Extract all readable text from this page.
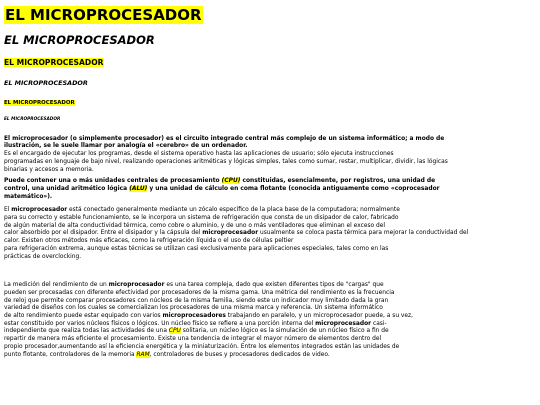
EL MICROPROCESADOR
EL MICROPROCESADOR
EL MICROPROCESADOR
EL MICROPROCESADOR
EL MICROPROCESADOR
EL MICROPROCESADOR

El microprocesador (o simplemente procesador) es el circuito integrado central más complejo de un sistema informático; a modo de
ilustración, se le suele llamar por analogía el «cerebro» de un ordenador.
Es el encargado de ejecutar los programas, desde el sistema operativo hasta las aplicaciones de usuario; sólo ejecuta instrucciones
programadas en lenguaje de bajo nivel, realizando operaciones aritméticas y lógicas simples, tales como sumar, restar, multiplicar, dividir, las lógicas
binarias y accesos a memoria.

Puede contener una o más unidades centrales de procesamiento (CPU) constituidas, esencialmente, por registros, una unidad de
control, una unidad aritmético lógica (ALU) y una unidad de cálculo en coma flotante (conocida antiguamente como «coprocesador
matemático»).

El microprocesador está conectado generalmente mediante un zócalo específico de la placa base de la computadora; normalmente
para su correcto y estable funcionamiento, se le incorpora un sistema de refrigeración que consta de un disipador de calor, fabricado
de algún material de alta conductividad térmica, como cobre o aluminio, y de uno o más ventiladores que eliminan el exceso del
calor absorbido por el disipador. Entre el disipador y la cápsula del microprocesador usualmente se coloca pasta térmica para mejorar la conductividad del
calor. Existen otros métodos más eficaces, como la refrigeración líquida o el uso de células peltier
para refrigeración extrema, aunque estas técnicas se utilizan casi exclusivamente para aplicaciones especiales, tales como en las
prácticas de overclocking.

La medición del rendimiento de un microprocesador es una tarea compleja, dado que existen diferentes tipos de "cargas" que
pueden ser procesadas con diferente efectividad por procesadores de la misma gama. Una métrica del rendimiento es la frecuencia
de reloj que permite comparar procesadores con núcleos de la misma familia, siendo este un indicador muy limitado dada la gran
variedad de diseños con los cuales se comercializan los procesadores de una misma marca y referencia. Un sistema informático
de alto rendimiento puede estar equipado con varios microprocesadores trabajando en paralelo, y un microprocesador puede, a su vez,
estar constituido por varios núcleos físicos o lógicos. Un núcleo físico se refiere a una porción interna del microprocesador casi-
independiente que realiza todas las actividades de una CPU solitaria, un núcleo lógico es la simulación de un núcleo físico a fin de
repartir de manera más eficiente el procesamiento. Existe una tendencia de integrar el mayor número de elementos dentro del
propio procesador,aumentando así la eficiencia energética y la miniaturización. Entre los elementos integrados están las unidades de
punto flotante, controladores de la memoria RAM, controladores de buses y procesadores dedicados de video.
